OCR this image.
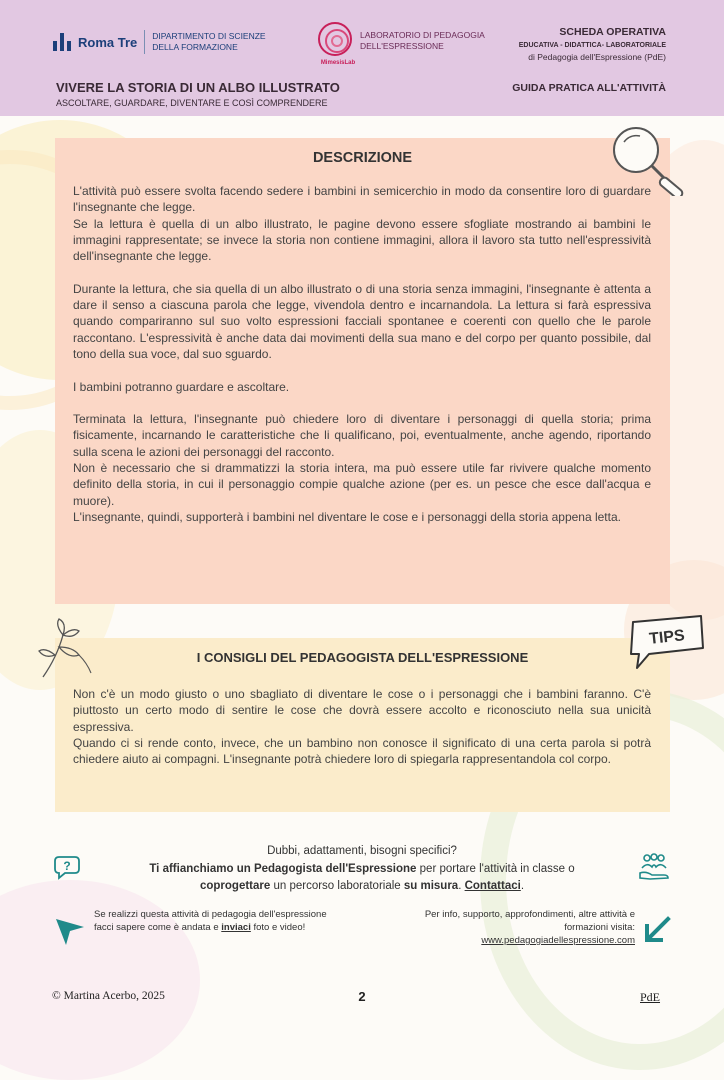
Roma Tre DIPARTIMENTO DI SCIENZE DELLA FORMAZIONE
MimesisLab
LABORATORIO DI PEDAGOGIA DELL'ESPRESSIONE
SCHEDA OPERATIVA
EDUCATIVA - DIDATTICA- LABORATORIALE
di Pedagogia dell'Espressione (PdE)
VIVERE LA STORIA DI UN ALBO ILLUSTRATO
ASCOLTARE, GUARDARE, DIVENTARE E COSÌ COMPRENDERE
GUIDA PRATICA ALL'ATTIVITÀ
DESCRIZIONE

L'attività può essere svolta facendo sedere i bambini in semicerchio in modo da consentire loro di guardare l'insegnante che legge.

Se la lettura è quella di un albo illustrato, le pagine devono essere sfogliate mostrando ai bambini le immagini rappresentate; se invece la storia non contiene immagini, allora il lavoro sta tutto nell'espressività dell'insegnante che legge.

Durante la lettura, che sia quella di un albo illustrato o di una storia senza immagini, l'insegnante è attenta a dare il senso a ciascuna parola che legge, vivendola dentro e incarnandola. La lettura si farà espressiva quando compariranno sul suo volto espressioni facciali spontanee e coerenti con quello che le parole raccontano. L'espressività è anche data dai movimenti della sua mano e del corpo per quanto possibile, dal tono della sua voce, dal suo sguardo.

I bambini potranno guardare e ascoltare.

Terminata la lettura, l'insegnante può chiedere loro di diventare i personaggi di quella storia; prima fisicamente, incarnando le caratteristiche che li qualificano, poi, eventualmente, anche agendo, riportando sulla scena le azioni dei personaggi del racconto.

Non è necessario che si drammatizzi la storia intera, ma può essere utile far rivivere qualche momento definito della storia, in cui il personaggio compie qualche azione (per es. un pesce che esce dall'acqua e muore).

L'insegnante, quindi, supporterà i bambini nel diventare le cose e i personaggi della storia appena letta.

I CONSIGLI DEL PEDAGOGISTA DELL'ESPRESSIONE

Non c'è un modo giusto o uno sbagliato di diventare le cose o i personaggi che i bambini faranno. C'è piuttosto un certo modo di sentire le cose che dovrà essere accolto e riconosciuto nella sua unicità espressiva.

Quando ci si rende conto, invece, che un bambino non conosce il significato di una certa parola si potrà chiedere aiuto ai compagni. L'insegnante potrà chiedere loro di spiegarla rappresentandola col corpo.

TIPS
Dubbi, adattamenti, bisogni specifici?
Ti affianchiamo un Pedagogista dell'Espressione per portare l'attività in classe o
coprogettare un percorso laboratoriale su misura. Contattaci.
?
Se realizzi questa attività di pedagogia dell'espressione facci sapere come è andata e inviaci foto e video!
Per info, supporto, approfondimenti, altre attività e formazioni visita:
www.pedagogiadellespressione.com
© Martina Acerbo, 2025	2	PdE
